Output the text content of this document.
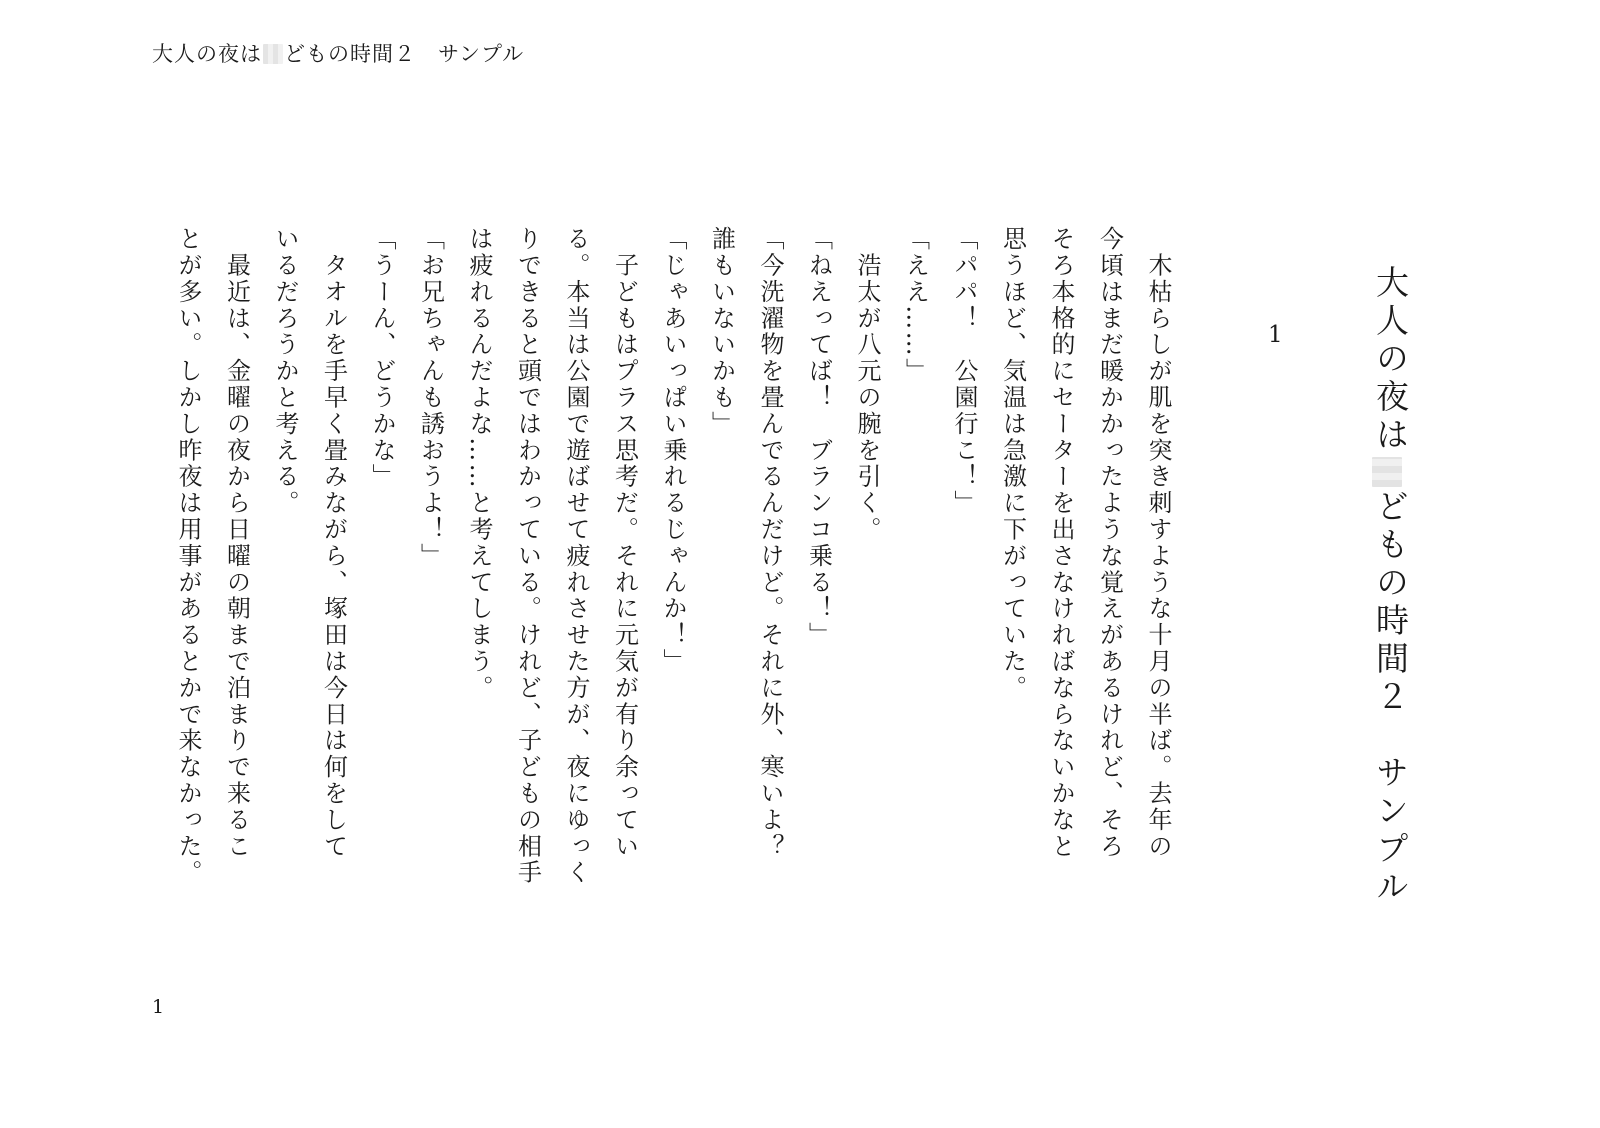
大人の夜は どもの時間２　サンプル
大人の夜はどもの時間２　サンプル
1

　木枯らしが肌を突き刺すような十月の半ば。去年の

今頃はまだ暖かかったような覚えがあるけれど、そろ

そろ本格的にセーターを出さなければならないかなと

思うほど、気温は急激に下がっていた。

「パパ！　公園行こ！」

「ええ……」

　浩太が八元の腕を引く。

「ねえってば！　ブランコ乗る！」

「今洗濯物を畳んでるんだけど。それに外、寒いよ？

誰もいないかも」

「じゃあいっぱい乗れるじゃんか！」

　子どもはプラス思考だ。それに元気が有り余ってい

る。本当は公園で遊ばせて疲れさせた方が、夜にゆっく

りできると頭ではわかっている。けれど、子どもの相手

は疲れるんだよな……と考えてしまう。

「お兄ちゃんも誘おうよ！」

「うーん、どうかな」

　タオルを手早く畳みながら、塚田は今日は何をして

いるだろうかと考える。

　最近は、金曜の夜から日曜の朝まで泊まりで来るこ

とが多い。しかし昨夜は用事があるとかで来なかった。

1
